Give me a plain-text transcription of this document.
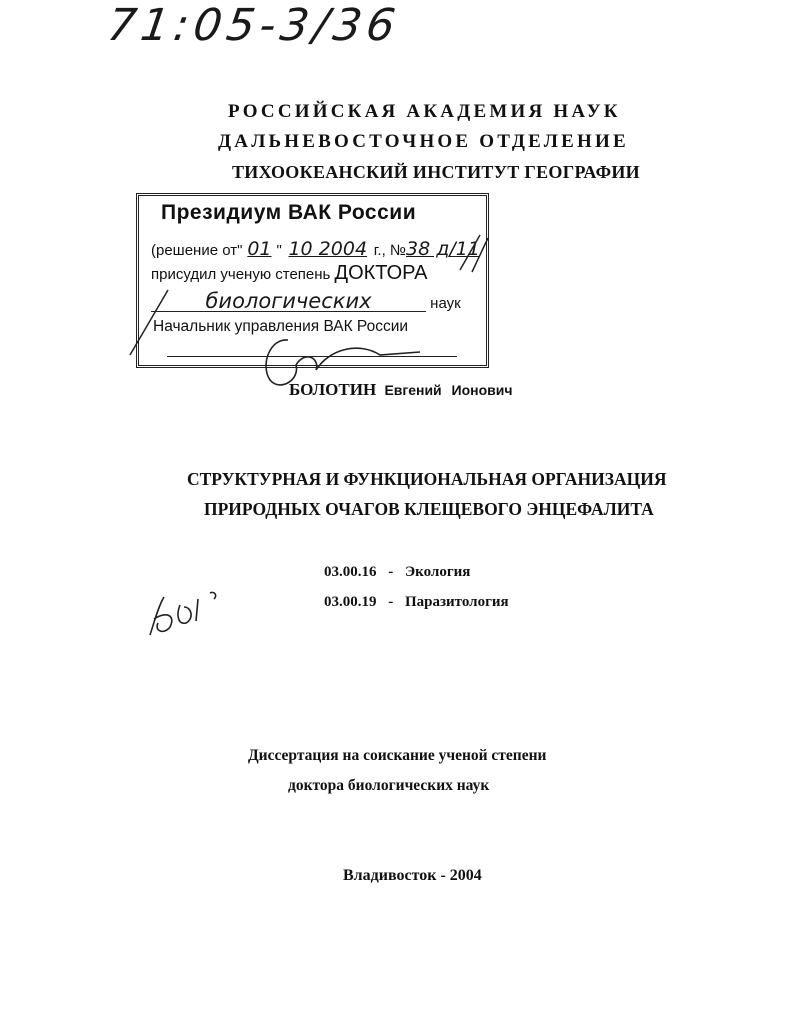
71:05-3/36
РОССИЙСКАЯ АКАДЕМИЯ НАУК
ДАЛЬНЕВОСТОЧНОЕ ОТДЕЛЕНИЕ
ТИХООКЕАНСКИЙ ИНСТИТУТ ГЕОГРАФИИ
Президиум ВАК России
(решение от" 01 " 10 2004 г., №38 д/11
присудил ученую степень ДОКТОРА
биологических	наук
Начальник управления ВАК России
БОЛОТИН Евгений Ионович
СТРУКТУРНАЯ И ФУНКЦИОНАЛЬНАЯ ОРГАНИЗАЦИЯ
ПРИРОДНЫХ ОЧАГОВ КЛЕЩЕВОГО ЭНЦЕФАЛИТА
03.00.16 - Экология
03.00.19 - Паразитология
Диссертация на соискание ученой степени
доктора биологических наук
Владивосток - 2004
